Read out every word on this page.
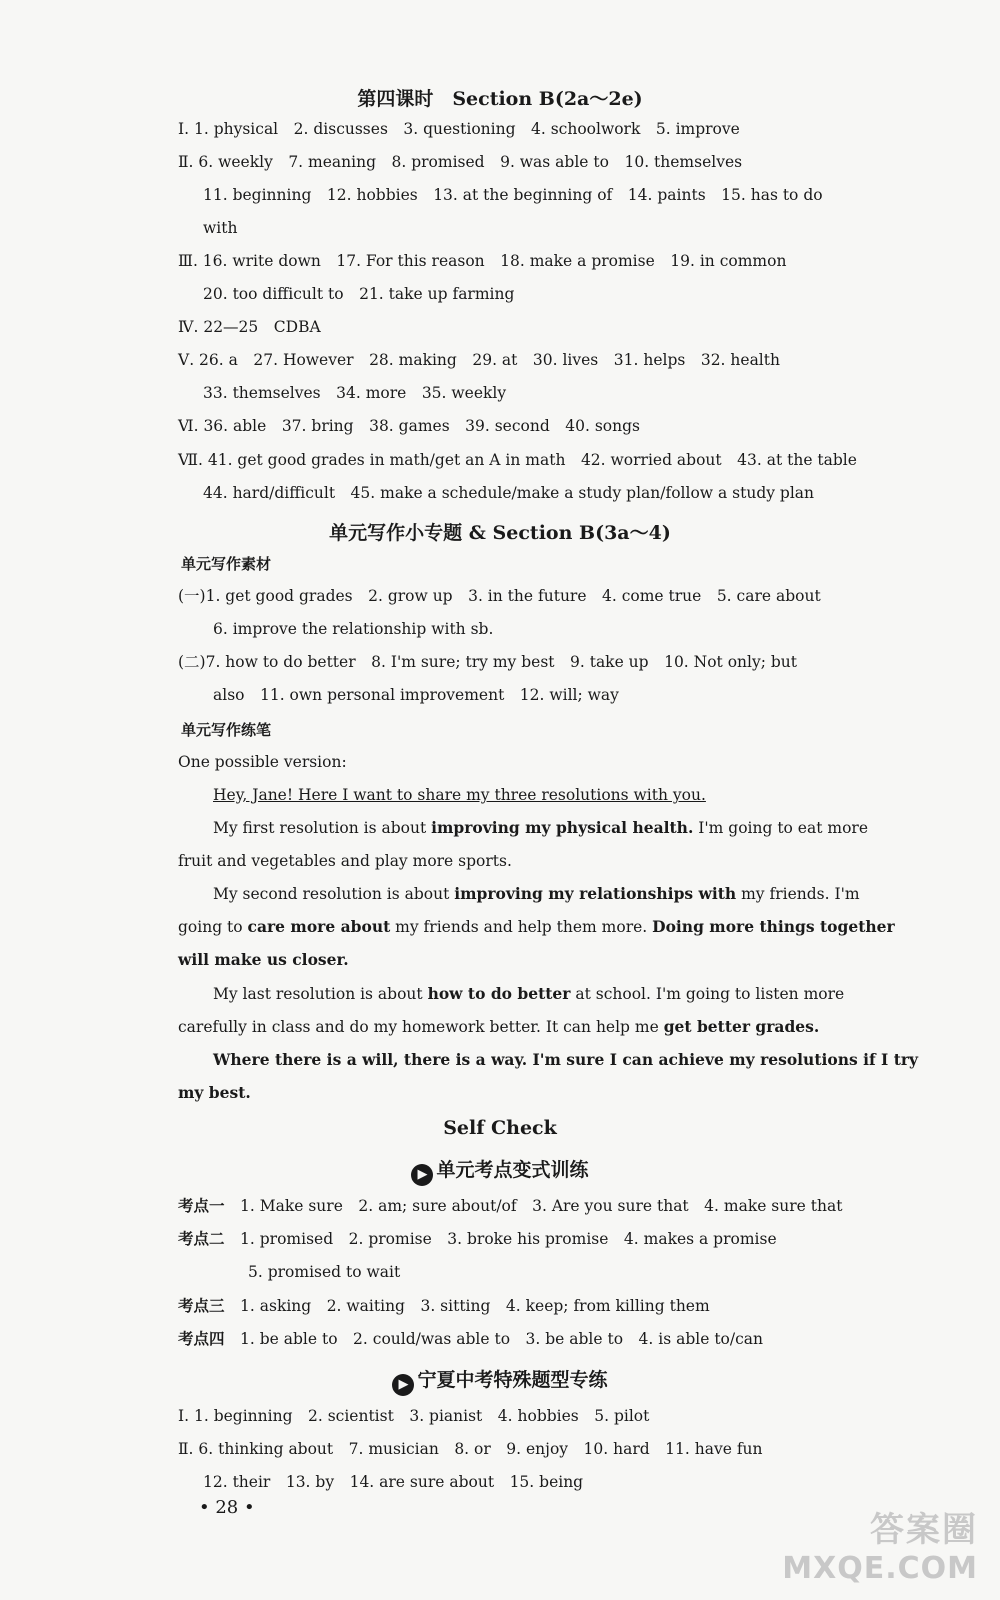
第四课时　Section B(2a～2e)
Ⅰ. 1. physical　2. discusses　3. questioning　4. schoolwork　5. improve
Ⅱ. 6. weekly　7. meaning　8. promised　9. was able to　10. themselves
11. beginning　12. hobbies　13. at the beginning of　14. paints　15. has to do
with
Ⅲ. 16. write down　17. For this reason　18. make a promise　19. in common
20. too difficult to　21. take up farming
Ⅳ. 22—25　CDBA
Ⅴ. 26. a　27. However　28. making　29. at　30. lives　31. helps　32. health
33. themselves　34. more　35. weekly
Ⅵ. 36. able　37. bring　38. games　39. second　40. songs
Ⅶ. 41. get good grades in math/get an A in math　42. worried about　43. at the table
44. hard/difficult　45. make a schedule/make a study plan/follow a study plan
单元写作小专题 & Section B(3a～4)
单元写作素材
(一)1. get good grades　2. grow up　3. in the future　4. come true　5. care about
6. improve the relationship with sb.
(二)7. how to do better　8. I'm sure; try my best　9. take up　10. Not only; but
also　11. own personal improvement　12. will; way
单元写作练笔
One possible version:
Hey, Jane! Here I want to share my three resolutions with you.
My first resolution is about improving my physical health. I'm going to eat more
fruit and vegetables and play more sports.
My second resolution is about improving my relationships with my friends. I'm
going to care more about my friends and help them more. Doing more things together
will make us closer.
My last resolution is about how to do better at school. I'm going to listen more
carefully in class and do my homework better. It can help me get better grades.
Where there is a will, there is a way. I'm sure I can achieve my resolutions if I try
my best.
Self Check
▶ 单元考点变式训练
考点一　 1. Make sure　2. am; sure about/of　3. Are you sure that　4. make sure that
考点二　 1. promised　2. promise　3. broke his promise　4. makes a promise
5. promised to wait
考点三　 1. asking　2. waiting　3. sitting　4. keep; from killing them
考点四　 1. be able to　2. could/was able to　3. be able to　4. is able to/can
▶ 宁夏中考特殊题型专练
Ⅰ. 1. beginning　2. scientist　3. pianist　4. hobbies　5. pilot
Ⅱ. 6. thinking about　7. musician　8. or　9. enjoy　10. hard　11. have fun
12. their　13. by　14. are sure about　15. being
• 28 •
答案圈
MXQE.COM
